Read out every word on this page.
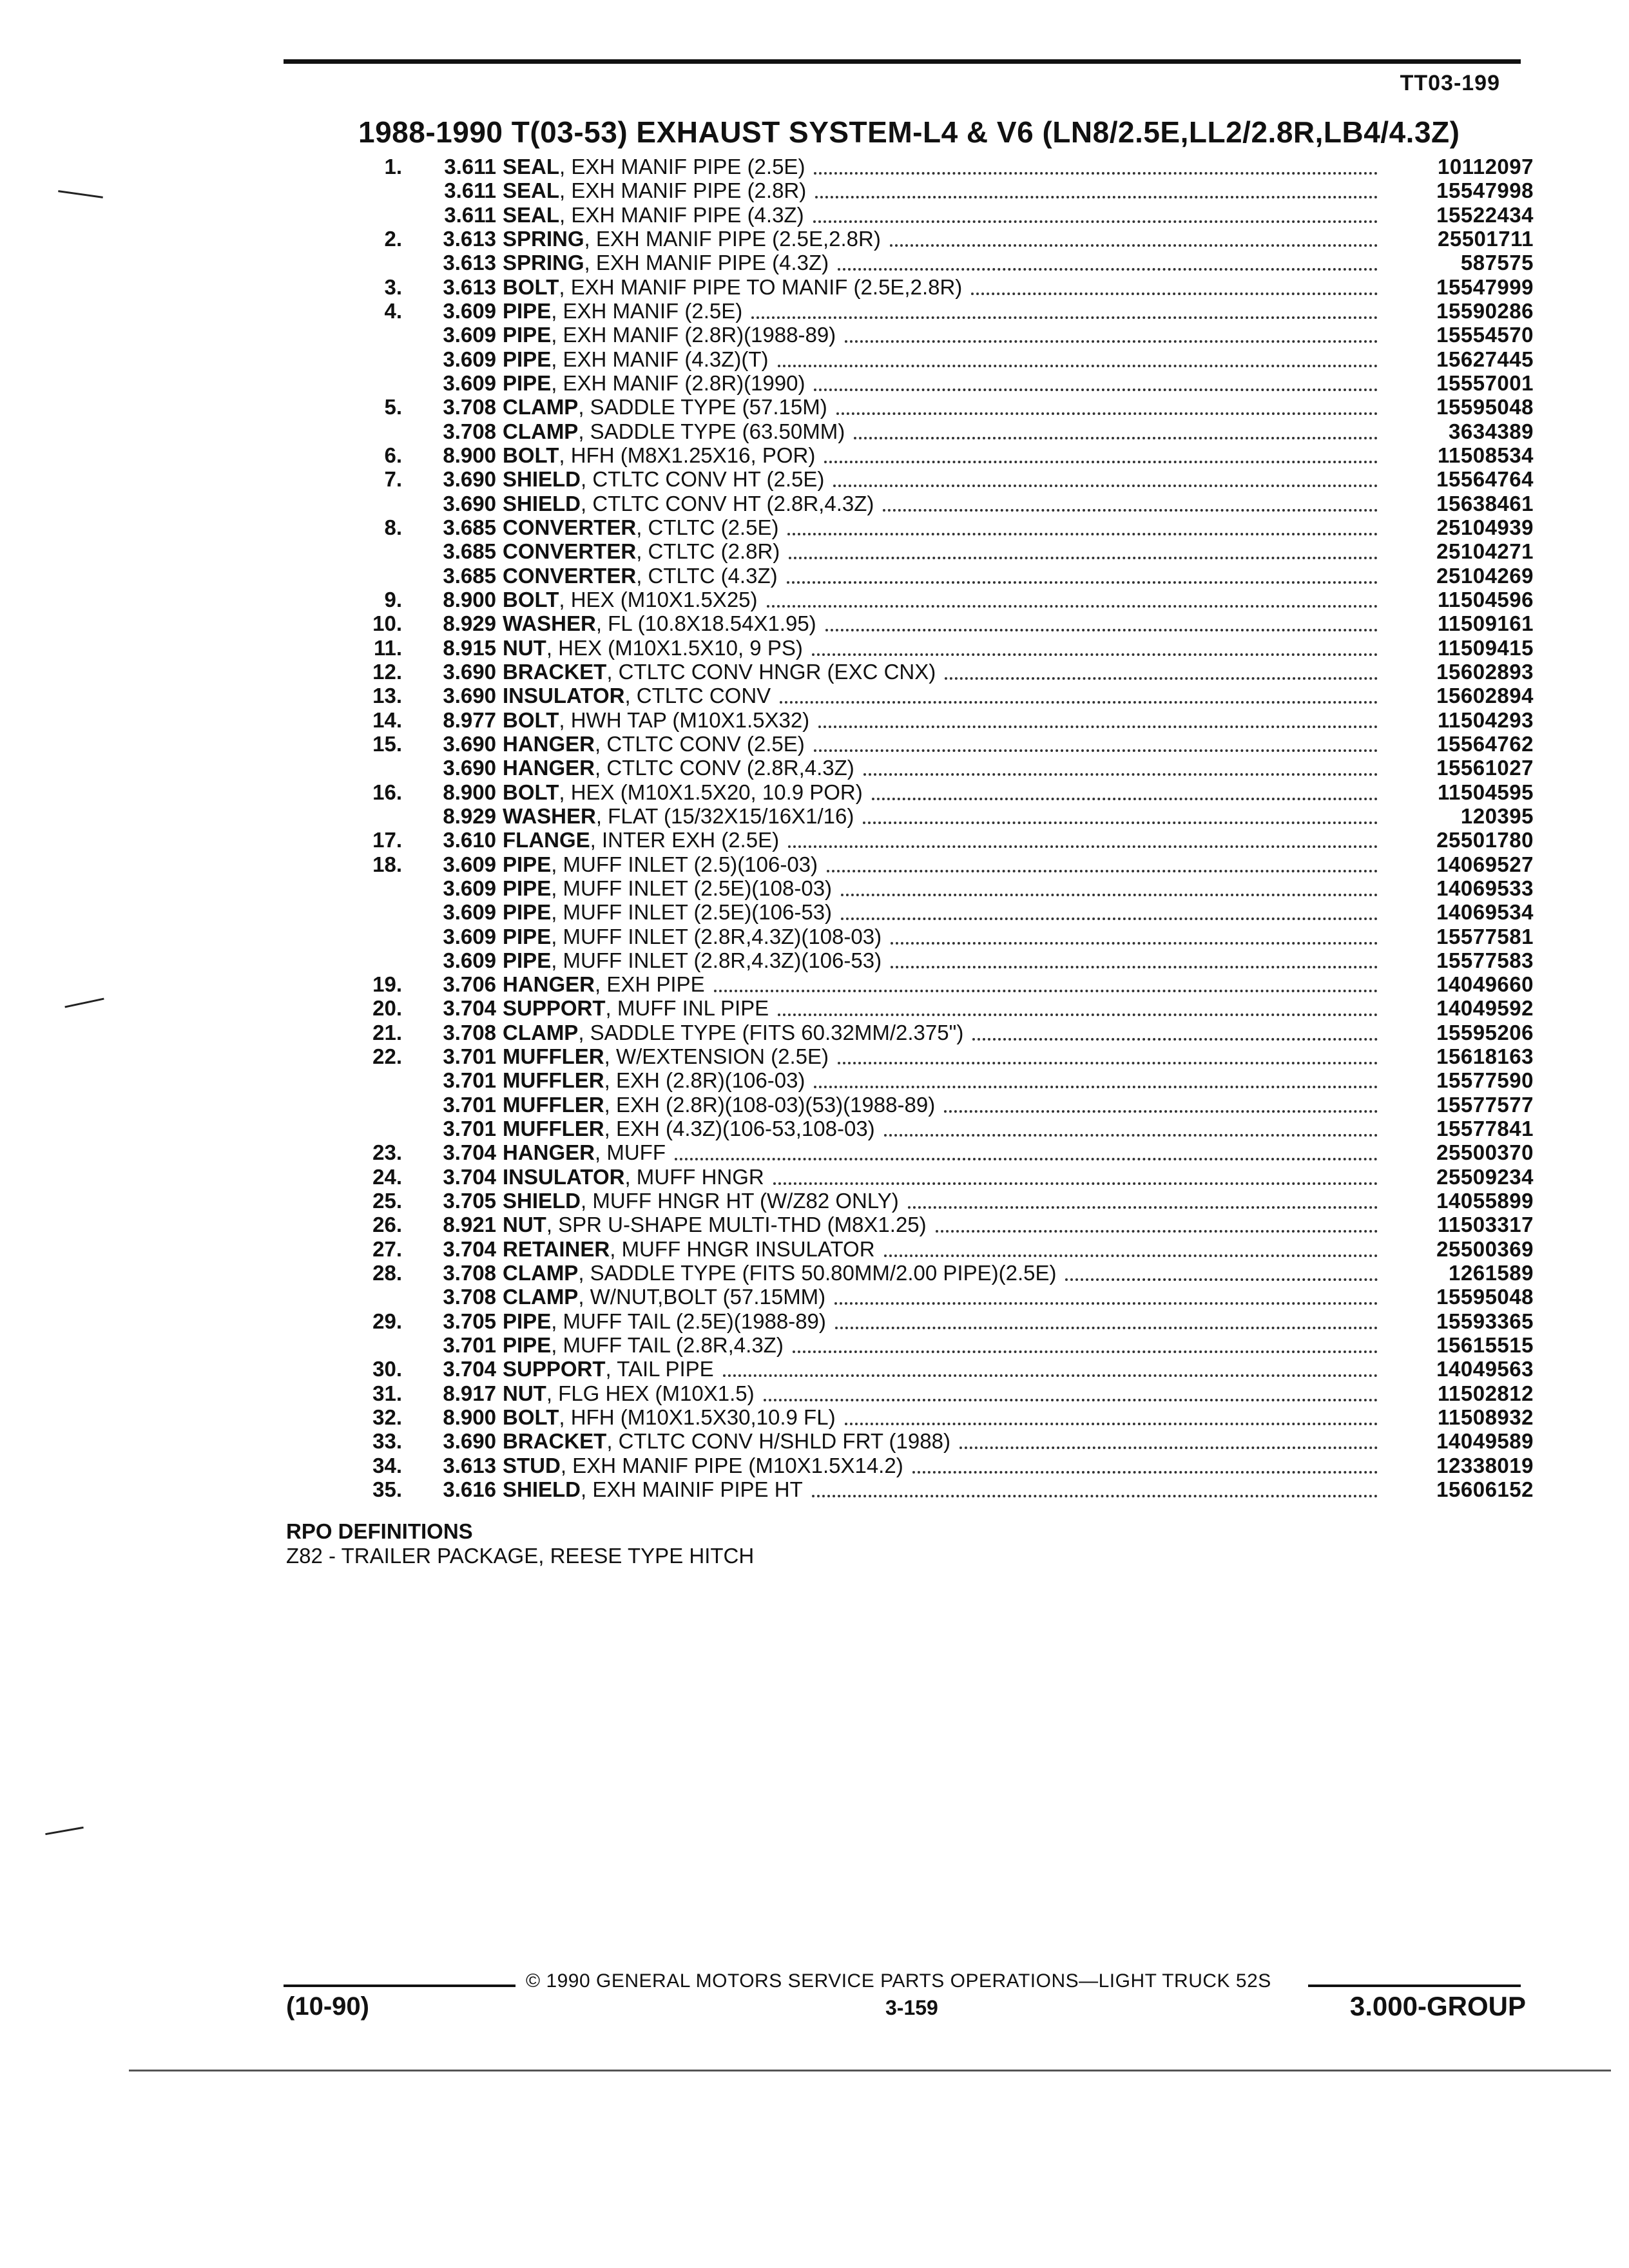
TT03-199
1988-1990 T(03-53) EXHAUST SYSTEM-L4 & V6 (LN8/2.5E,LL2/2.8R,LB4/4.3Z)
1.	3.611 SEAL , EXH MANIF PIPE (2.5E)	10112097
3.611 SEAL , EXH MANIF PIPE (2.8R)	15547998
3.611 SEAL , EXH MANIF PIPE (4.3Z)	15522434
2.	3.613 SPRING , EXH MANIF PIPE (2.5E,2.8R)	25501711
3.613 SPRING , EXH MANIF PIPE (4.3Z)	587575
3.	3.613 BOLT , EXH MANIF PIPE TO MANIF (2.5E,2.8R)	15547999
4.	3.609 PIPE , EXH MANIF (2.5E)	15590286
3.609 PIPE , EXH MANIF (2.8R)(1988-89)	15554570
3.609 PIPE , EXH MANIF (4.3Z)(T)	15627445
3.609 PIPE , EXH MANIF (2.8R)(1990)	15557001
5.	3.708 CLAMP , SADDLE TYPE (57.15M)	15595048
3.708 CLAMP , SADDLE TYPE (63.50MM)	3634389
6.	8.900 BOLT , HFH (M8X1.25X16, POR)	11508534
7.	3.690 SHIELD , CTLTC CONV HT (2.5E)	15564764
3.690 SHIELD , CTLTC CONV HT (2.8R,4.3Z)	15638461
8.	3.685 CONVERTER , CTLTC (2.5E)	25104939
3.685 CONVERTER , CTLTC (2.8R)	25104271
3.685 CONVERTER , CTLTC (4.3Z)	25104269
9.	8.900 BOLT , HEX (M10X1.5X25)	11504596
10.	8.929 WASHER , FL (10.8X18.54X1.95)	11509161
11.	8.915 NUT , HEX (M10X1.5X10, 9 PS)	11509415
12.	3.690 BRACKET , CTLTC CONV HNGR (EXC CNX)	15602893
13.	3.690 INSULATOR , CTLTC CONV	15602894
14.	8.977 BOLT , HWH TAP (M10X1.5X32)	11504293
15.	3.690 HANGER , CTLTC CONV (2.5E)	15564762
3.690 HANGER , CTLTC CONV (2.8R,4.3Z)	15561027
16.	8.900 BOLT , HEX (M10X1.5X20, 10.9 POR)	11504595
8.929 WASHER , FLAT (15/32X15/16X1/16)	120395
17.	3.610 FLANGE , INTER EXH (2.5E)	25501780
18.	3.609 PIPE , MUFF INLET (2.5)(106-03)	14069527
3.609 PIPE , MUFF INLET (2.5E)(108-03)	14069533
3.609 PIPE , MUFF INLET (2.5E)(106-53)	14069534
3.609 PIPE , MUFF INLET (2.8R,4.3Z)(108-03)	15577581
3.609 PIPE , MUFF INLET (2.8R,4.3Z)(106-53)	15577583
19.	3.706 HANGER , EXH PIPE	14049660
20.	3.704 SUPPORT , MUFF INL PIPE	14049592
21.	3.708 CLAMP , SADDLE TYPE (FITS 60.32MM/2.375")	15595206
22.	3.701 MUFFLER , W/EXTENSION (2.5E)	15618163
3.701 MUFFLER , EXH (2.8R)(106-03)	15577590
3.701 MUFFLER , EXH (2.8R)(108-03)(53)(1988-89)	15577577
3.701 MUFFLER , EXH (4.3Z)(106-53,108-03)	15577841
23.	3.704 HANGER , MUFF	25500370
24.	3.704 INSULATOR , MUFF HNGR	25509234
25.	3.705 SHIELD , MUFF HNGR HT (W/Z82 ONLY)	14055899
26.	8.921 NUT , SPR U-SHAPE MULTI-THD (M8X1.25)	11503317
27.	3.704 RETAINER , MUFF HNGR INSULATOR	25500369
28.	3.708 CLAMP , SADDLE TYPE (FITS 50.80MM/2.00 PIPE)(2.5E)	1261589
3.708 CLAMP , W/NUT,BOLT (57.15MM)	15595048
29.	3.705 PIPE , MUFF TAIL (2.5E)(1988-89)	15593365
3.701 PIPE , MUFF TAIL (2.8R,4.3Z)	15615515
30.	3.704 SUPPORT , TAIL PIPE	14049563
31.	8.917 NUT , FLG HEX (M10X1.5)	11502812
32.	8.900 BOLT , HFH (M10X1.5X30,10.9 FL)	11508932
33.	3.690 BRACKET , CTLTC CONV H/SHLD FRT (1988)	14049589
34.	3.613 STUD , EXH MANIF PIPE (M10X1.5X14.2)	12338019
35.	3.616 SHIELD , EXH MAINIF PIPE HT	15606152
RPO DEFINITIONS
Z82 - TRAILER PACKAGE, REESE TYPE HITCH
© 1990 GENERAL MOTORS SERVICE PARTS OPERATIONS—LIGHT TRUCK 52S
(10-90)	3-159	3.000-GROUP
